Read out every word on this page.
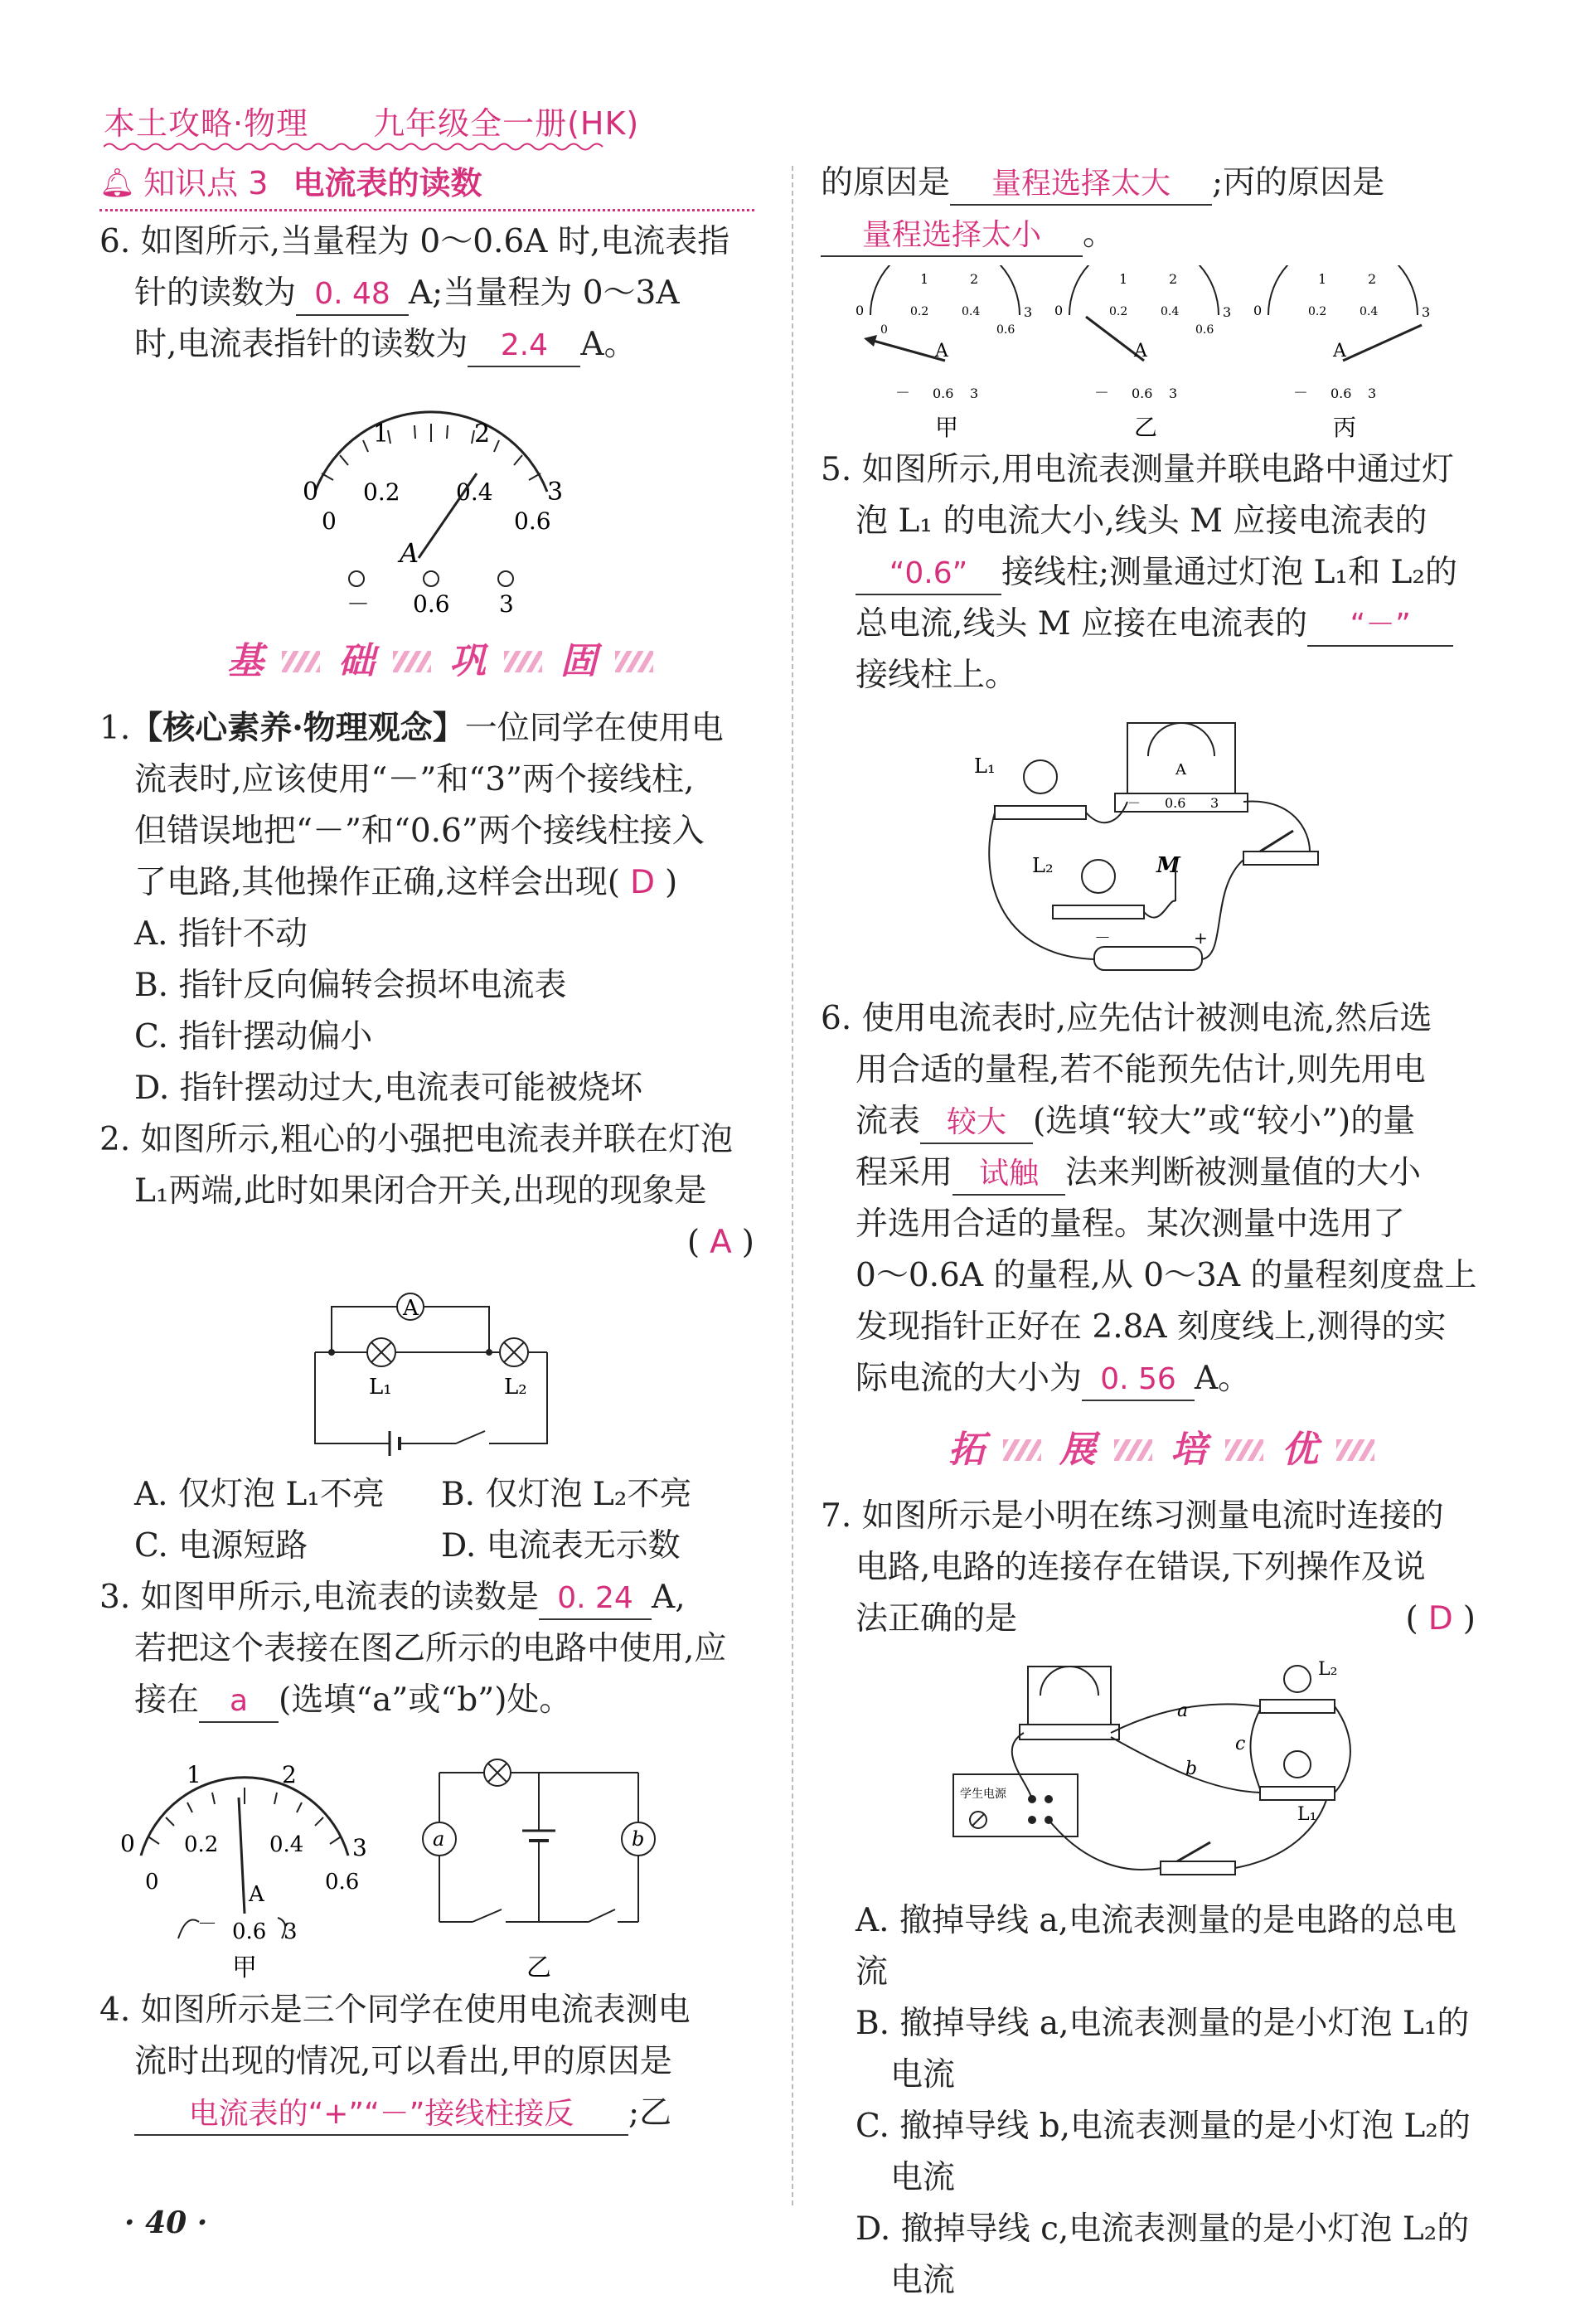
本土攻略·物理　　九年级全一册(HK)
🔔︎ 知识点 3 电流表的读数

6. 如图所示,当量程为 0～0.6A 时,电流表指

针的读数为 0. 48 A;当量程为 0～3A

时,电流表指针的读数为 2.4 A。

0
1	2
3
0
0.2 0.4
0.6
A
－ 0.6 3
基 础 巩 固

1.【核心素养·物理观念】一位同学在使用电

流表时,应该使用“－”和“3”两个接线柱,

但错误地把“－”和“0.6”两个接线柱接入

了电路,其他操作正确,这样会出现( D )

A. 指针不动

B. 指针反向偏转会损坏电流表

C. 指针摆动偏小

D. 指针摆动过大,电流表可能被烧坏

2. 如图所示,粗心的小强把电流表并联在灯泡

L₁两端,此时如果闭合开关,出现的现象是

( A )

A
L₁	L₂
A. 仅灯泡 L₁不亮	B. 仅灯泡 L₂不亮
C. 电源短路	D. 电流表无示数

3. 如图甲所示,电流表的读数是 0. 24 A,

若把这个表接在图乙所示的电路中使用,应

接在 a (选填“a”或“b”)处。

0
1	2
3
0
0.2 0.4
0.6
A
－ 0.6 3
甲
a	b
乙

4. 如图所示是三个同学在使用电流表测电

流时出现的情况,可以看出,甲的原因是

电流表的“+”“－”接线柱接反 ;乙

的原因是 量程选择太大 ;丙的原因是

量程选择太小 。

0
1	2
3
0
0.2	0.4
0.6
A
－ 0.6 3
甲
0
1	2
3
0.2	0.4
0.6
A
－ 0.6 3
乙
0
1	2
3
0.2	0.4
A
－ 0.6 3
丙

5. 如图所示,用电流表测量并联电路中通过灯

泡 L₁ 的电流大小,线头 M 应接电流表的

“0.6” 接线柱;测量通过灯泡 L₁和 L₂的

总电流,线头 M 应接在电流表的 “－”

接线柱上。

A
－ 0.6 3
L₁
L₂	M
－	+

6. 使用电流表时,应先估计被测电流,然后选

用合适的量程,若不能预先估计,则先用电

流表 较大 (选填“较大”或“较小”)的量

程采用 试触 法来判断被测量值的大小

并选用合适的量程。某次测量中选用了

0～0.6A 的量程,从 0～3A 的量程刻度盘上

发现指针正好在 2.8A 刻度线上,测得的实

际电流的大小为 0. 56 A。

拓 展 培 优

7. 如图所示是小明在练习测量电流时连接的

电路,电路的连接存在错误,下列操作及说

法正确的是	( D )

学生电源
L₂
L₁
a
b
c

A. 撤掉导线 a,电流表测量的是电路的总电流

B. 撤掉导线 a,电流表测量的是小灯泡 L₁的

电流

C. 撤掉导线 b,电流表测量的是小灯泡 L₂的

电流

D. 撤掉导线 c,电流表测量的是小灯泡 L₂的

电流

· 40 ·
